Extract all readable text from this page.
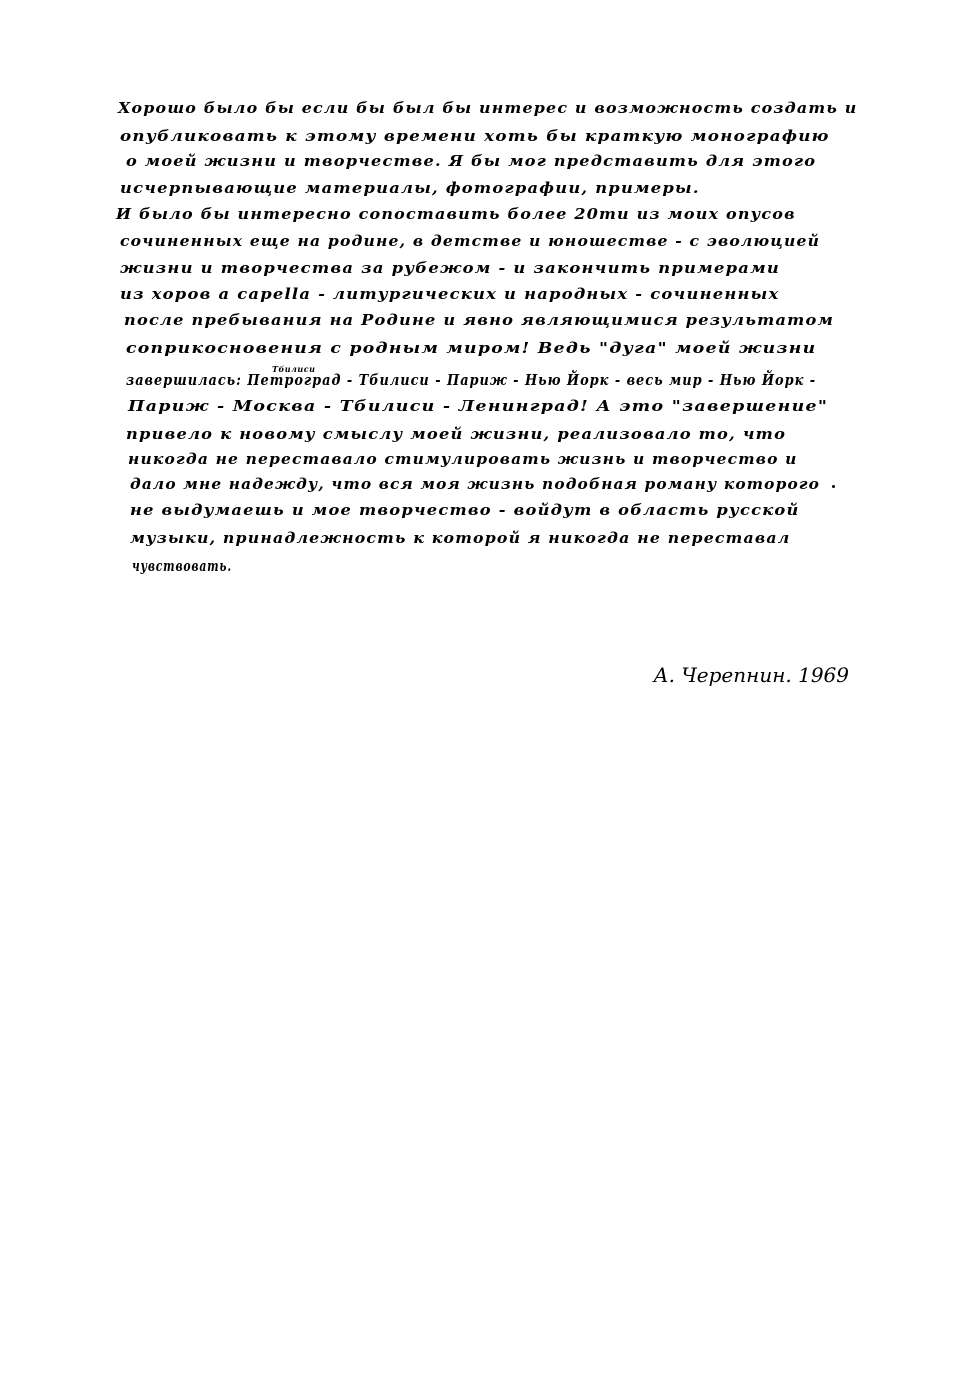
Хорошо было бы если бы был бы интерес и возможность создать и
опубликовать к этому времени хоть бы краткую монографию
о моей жизни и творчестве. Я бы мог представить для этого
исчерпывающие материалы, фотографии, примеры.
И было бы интересно сопоставить более 20ти из моих опусов
сочиненных еще на родине, в детстве и юношестве - с эволюцией
жизни и творчества за рубежом - и закончить примерами
из хоров a capella - литургических и народных - сочиненных
после пребывания на Родине и явно являющимися результатом
соприкосновения с родным миром! Ведь "дуга" моей жизни
Тбилиси
завершилась: Петроград - Тбилиси - Париж - Нью Йорк - весь мир - Нью Йорк -
Париж - Москва - Тбилиси - Ленинград! А это "завершение"
привело к новому смыслу моей жизни, реализовало то, что
никогда не переставало стимулировать жизнь и творчество и
дало мне надежду, что вся моя жизнь подобная роману которого
не выдумаешь и мое творчество - войдут в область русской
музыки, принадлежность к которой я никогда не переставал
чувствовать.
А. Черепнин. 1969
